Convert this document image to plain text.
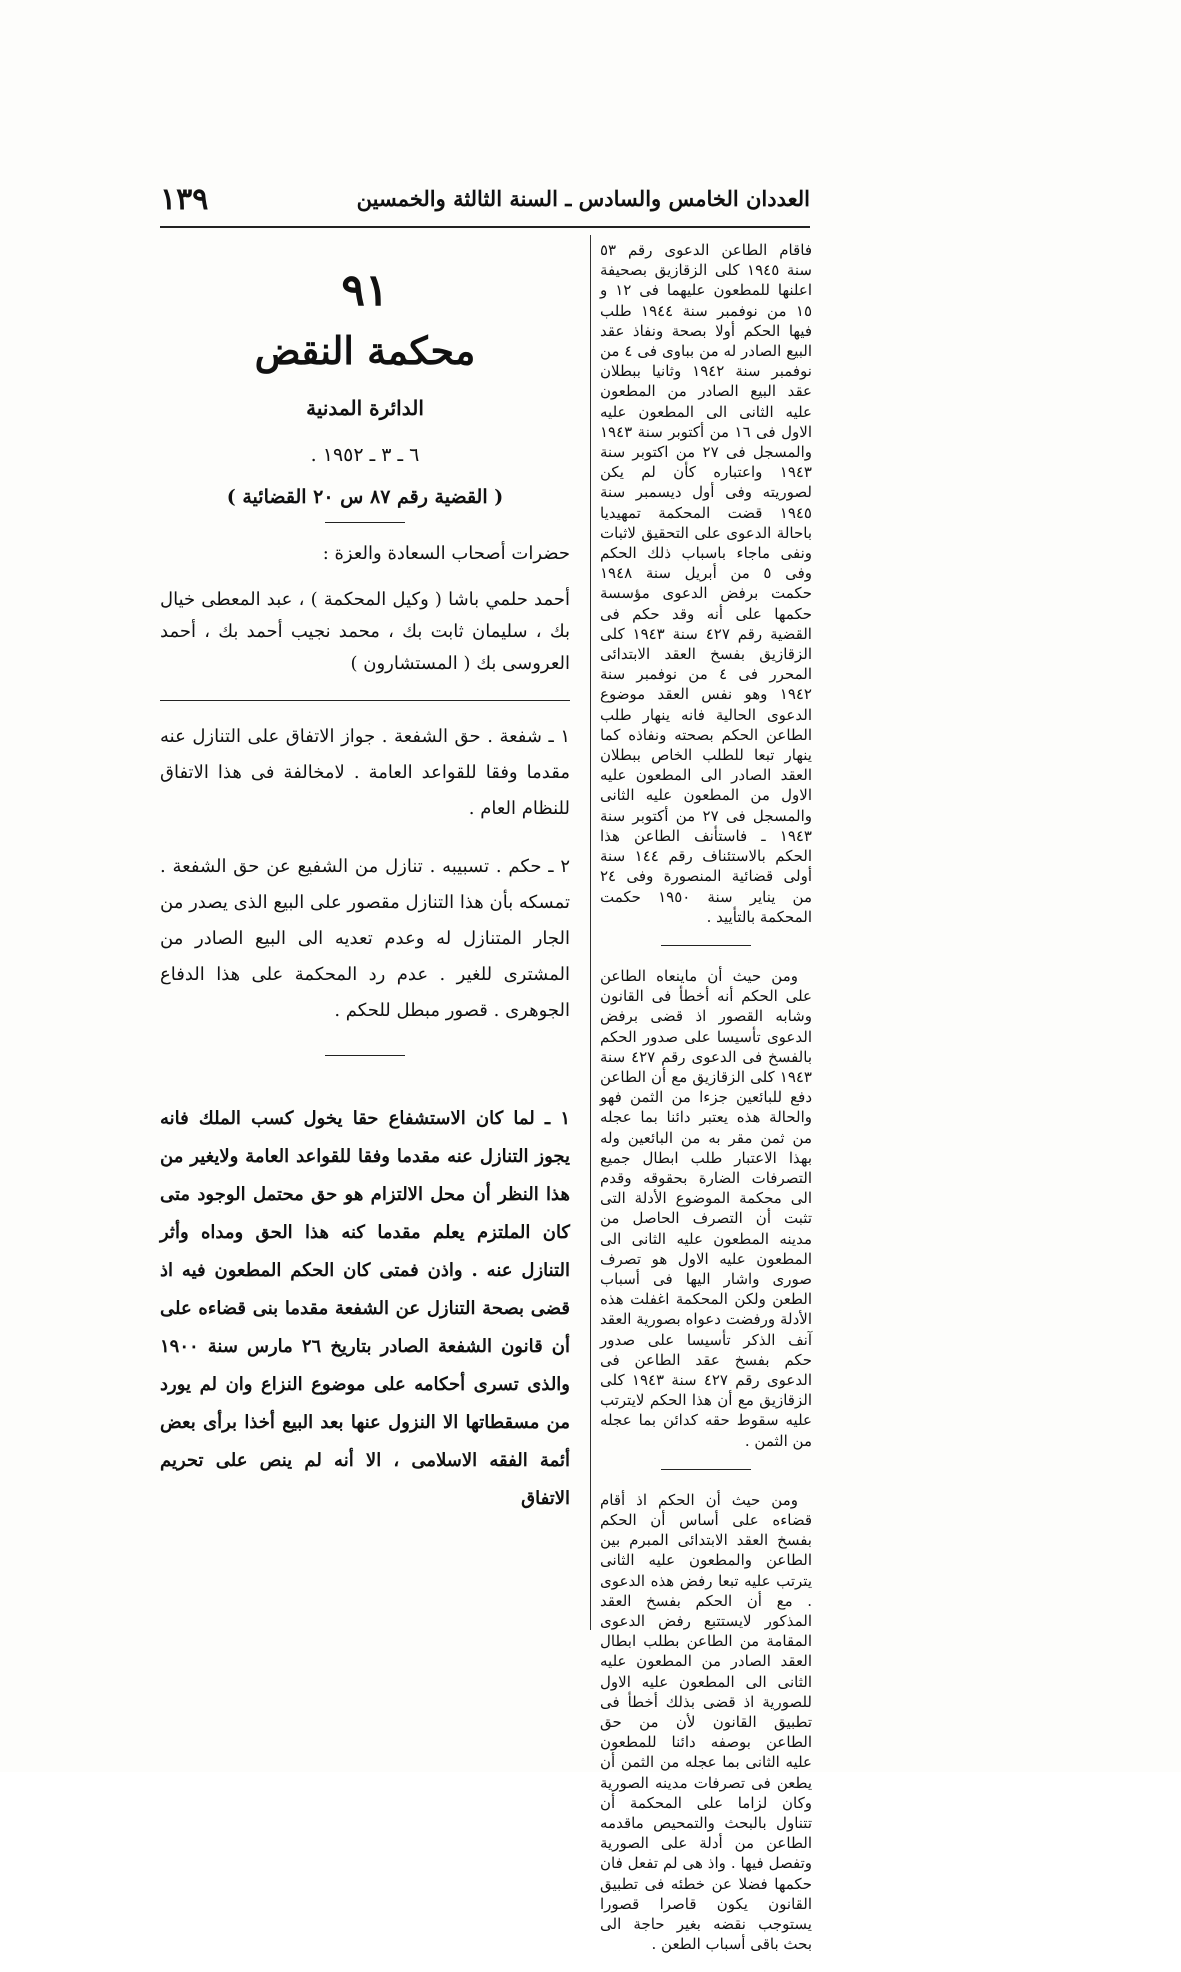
١٣٩	العددان الخامس والسادس ـ السنة الثالثة والخمسين

فاقام الطاعن الدعوى رقم ٥٣ سنة ١٩٤٥ كلى الزقازيق بصحيفة اعلنها للمطعون عليهما فى ١٢ و ١٥ من نوفمبر سنة ١٩٤٤ طلب فيها الحكم أولا بصحة ونفاذ عقد البيع الصادر له من بباوى فى ٤ من نوفمبر سنة ١٩٤٢ وثانيا ببطلان عقد البيع الصادر من المطعون عليه الثانى الى المطعون عليه الاول فى ١٦ من أكتوبر سنة ١٩٤٣ والمسجل فى ٢٧ من اكتوبر سنة ١٩٤٣ واعتباره كأن لم يكن لصوريته وفى أول ديسمبر سنة ١٩٤٥ قضت المحكمة تمهيديا باحالة الدعوى على التحقيق لاثبات ونفى ماجاء باسباب ذلك الحكم وفى ٥ من أبريل سنة ١٩٤٨ حكمت برفض الدعوى مؤسسة حكمها على أنه وقد حكم فى القضية رقم ٤٢٧ سنة ١٩٤٣ كلى الزقازيق بفسخ العقد الابتدائى المحرر فى ٤ من نوفمبر سنة ١٩٤٢ وهو نفس العقد موضوع الدعوى الحالية فانه ينهار طلب الطاعن الحكم بصحته ونفاذه كما ينهار تبعا للطلب الخاص ببطلان العقد الصادر الى المطعون عليه الاول من المطعون عليه الثانى والمسجل فى ٢٧ من أكتوبر سنة ١٩٤٣ ـ فاستأنف الطاعن هذا الحكم بالاستئناف رقم ١٤٤ سنة أولى قضائية المنصورة وفى ٢٤ من يناير سنة ١٩٥٠ حكمت المحكمة بالتأييد .

ومن حيث أن ماينعاه الطاعن على الحكم أنه أخطأ فى القانون وشابه القصور اذ قضى برفض الدعوى تأسيسا على صدور الحكم بالفسخ فى الدعوى رقم ٤٢٧ سنة ١٩٤٣ كلى الزقازيق مع أن الطاعن دفع للبائعين جزءا من الثمن فهو والحالة هذه يعتبر دائنا بما عجله من ثمن مقر به من البائعين وله بهذا الاعتبار طلب ابطال جميع التصرفات الضارة بحقوقه وقدم الى محكمة الموضوع الأدلة التى تثبت أن التصرف الحاصل من مدينه المطعون عليه الثانى الى المطعون عليه الاول هو تصرف صورى واشار اليها فى أسباب الطعن ولكن المحكمة اغفلت هذه الأدلة ورفضت دعواه بصورية العقد آنف الذكر تأسيسا على صدور حكم بفسخ عقد الطاعن فى الدعوى رقم ٤٢٧ سنة ١٩٤٣ كلى الزقازيق مع أن هذا الحكم لايترتب عليه سقوط حقه كدائن بما عجله من الثمن .

ومن حيث أن الحكم اذ أقام قضاءه على أساس أن الحكم بفسخ العقد الابتدائى المبرم بين الطاعن والمطعون عليه الثانى يترتب عليه تبعا رفض هذه الدعوى . مع أن الحكم بفسخ العقد المذكور لايستتبع رفض الدعوى المقامة من الطاعن بطلب ابطال العقد الصادر من المطعون عليه الثانى الى المطعون عليه الاول للصورية اذ قضى بذلك أخطأ فى تطبيق القانون لأن من حق الطاعن بوصفه دائنا للمطعون عليه الثانى بما عجله من الثمن أن يطعن فى تصرفات مدينه الصورية وكان لزاما على المحكمة أن تتناول بالبحث والتمحيص ماقدمه الطاعن من أدلة على الصورية وتفصل فيها . واذ هى لم تفعل فان حكمها فضلا عن خطئه فى تطبيق القانون يكون قاصرا قصورا يستوجب نقضه بغير حاجة الى بحث باقى أسباب الطعن .

٩١
محكمة النقض
الدائرة المدنية
٦ ـ ٣ ـ ١٩٥٢ .
( القضية رقم ٨٧ س ٢٠ القضائية )
حضرات أصحاب السعادة والعزة :
أحمد حلمي باشا ( وكيل المحكمة ) ، عبد المعطى خيال بك ، سليمان ثابت بك ، محمد نجيب أحمد بك ، أحمد العروسى بك ( المستشارون )

١ ـ شفعة . حق الشفعة . جواز الاتفاق على التنازل عنه مقدما وفقا للقواعد العامة . لامخالفة فى هذا الاتفاق للنظام العام .

٢ ـ حكم . تسبيبه . تنازل من الشفيع عن حق الشفعة . تمسكه بأن هذا التنازل مقصور على البيع الذى يصدر من الجار المتنازل له وعدم تعديه الى البيع الصادر من المشترى للغير . عدم رد المحكمة على هذا الدفاع الجوهرى . قصور مبطل للحكم .

١ ـ لما كان الاستشفاع حقا يخول كسب الملك فانه يجوز التنازل عنه مقدما وفقا للقواعد العامة ولايغير من هذا النظر أن محل الالتزام هو حق محتمل الوجود متى كان الملتزم يعلم مقدما كنه هذا الحق ومداه وأثر التنازل عنه . واذن فمتى كان الحكم المطعون فيه اذ قضى بصحة التنازل عن الشفعة مقدما بنى قضاءه على أن قانون الشفعة الصادر بتاريخ ٢٦ مارس سنة ١٩٠٠ والذى تسرى أحكامه على موضوع النزاع وان لم يورد من مسقطاتها الا النزول عنها بعد البيع أخذا برأى بعض أئمة الفقه الاسلامى ، الا أنه لم ينص على تحريم الاتفاق
